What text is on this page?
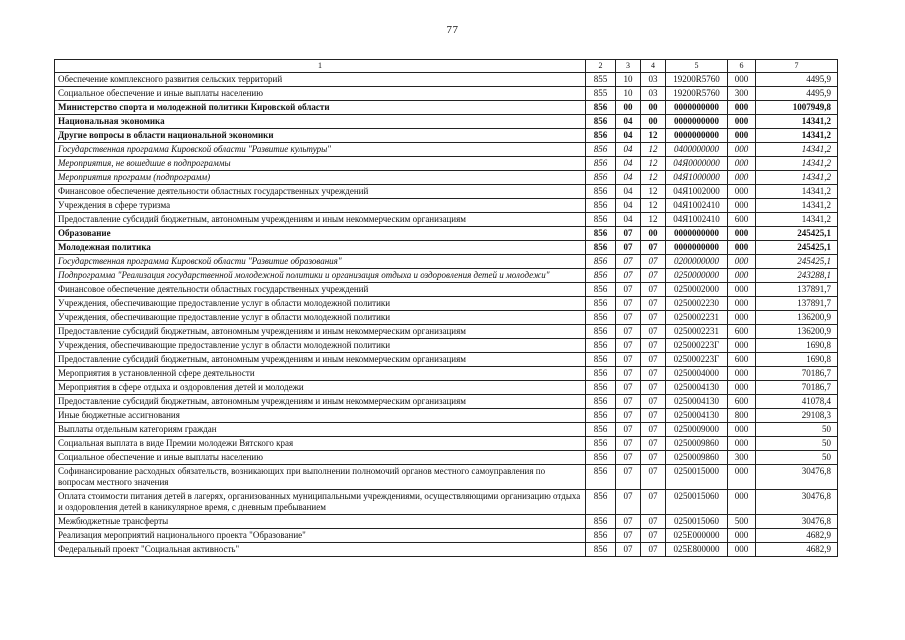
77
1	2	3	4	5	6	7
Обеспечение комплексного развития сельских территорий	855	10	03	19200R5760	000	4495,9
Социальное обеспечение и иные выплаты населению	855	10	03	19200R5760	300	4495,9
Министерство спорта и молодежной политики Кировской области	856	00	00	0000000000	000	1007949,8
Национальная экономика	856	04	00	0000000000	000	14341,2
Другие вопросы в области национальной экономики	856	04	12	0000000000	000	14341,2
Государственная программа Кировской области "Развитие культуры"	856	04	12	0400000000	000	14341,2
Мероприятия, не вошедшие в подпрограммы	856	04	12	04Я0000000	000	14341,2
Мероприятия программ (подпрограмм)	856	04	12	04Я1000000	000	14341,2
Финансовое обеспечение деятельности областных государственных учреждений	856	04	12	04Я1002000	000	14341,2
Учреждения в сфере туризма	856	04	12	04Я1002410	000	14341,2
Предоставление субсидий бюджетным, автономным учреждениям и иным некоммерческим организациям	856	04	12	04Я1002410	600	14341,2
Образование	856	07	00	0000000000	000	245425,1
Молодежная политика	856	07	07	0000000000	000	245425,1
Государственная программа Кировской области "Развитие образования"	856	07	07	0200000000	000	245425,1
Подпрограмма "Реализация государственной молодежной политики и организация отдыха и оздоровления детей и молодежи"	856	07	07	0250000000	000	243288,1
Финансовое обеспечение деятельности областных государственных учреждений	856	07	07	0250002000	000	137891,7
Учреждения, обеспечивающие предоставление услуг в области молодежной политики	856	07	07	0250002230	000	137891,7
Учреждения, обеспечивающие предоставление услуг в области молодежной политики	856	07	07	0250002231	000	136200,9
Предоставление субсидий бюджетным, автономным учреждениям и иным некоммерческим организациям	856	07	07	0250002231	600	136200,9
Учреждения, обеспечивающие предоставление услуг в области молодежной политики	856	07	07	025000223Г	000	1690,8
Предоставление субсидий бюджетным, автономным учреждениям и иным некоммерческим организациям	856	07	07	025000223Г	600	1690,8
Мероприятия в установленной сфере деятельности	856	07	07	0250004000	000	70186,7
Мероприятия в сфере отдыха и оздоровления детей и молодежи	856	07	07	0250004130	000	70186,7
Предоставление субсидий бюджетным, автономным учреждениям и иным некоммерческим организациям	856	07	07	0250004130	600	41078,4
Иные бюджетные ассигнования	856	07	07	0250004130	800	29108,3
Выплаты отдельным категориям граждан	856	07	07	0250009000	000	50
Социальная выплата в виде Премии молодежи Вятского края	856	07	07	0250009860	000	50
Социальное обеспечение и иные выплаты населению	856	07	07	0250009860	300	50
Софинансирование расходных обязательств, возникающих при выполнении полномочий органов местного самоуправления по вопросам местного значения	856	07	07	0250015000	000	30476,8
Оплата стоимости питания детей в лагерях, организованных муниципальными учреждениями, осуществляющими организацию отдыха и оздоровления детей в каникулярное время, с дневным пребыванием	856	07	07	0250015060	000	30476,8
Межбюджетные трансферты	856	07	07	0250015060	500	30476,8
Реализация мероприятий национального проекта "Образование"	856	07	07	025E000000	000	4682,9
Федеральный проект "Социальная активность"	856	07	07	025E800000	000	4682,9
